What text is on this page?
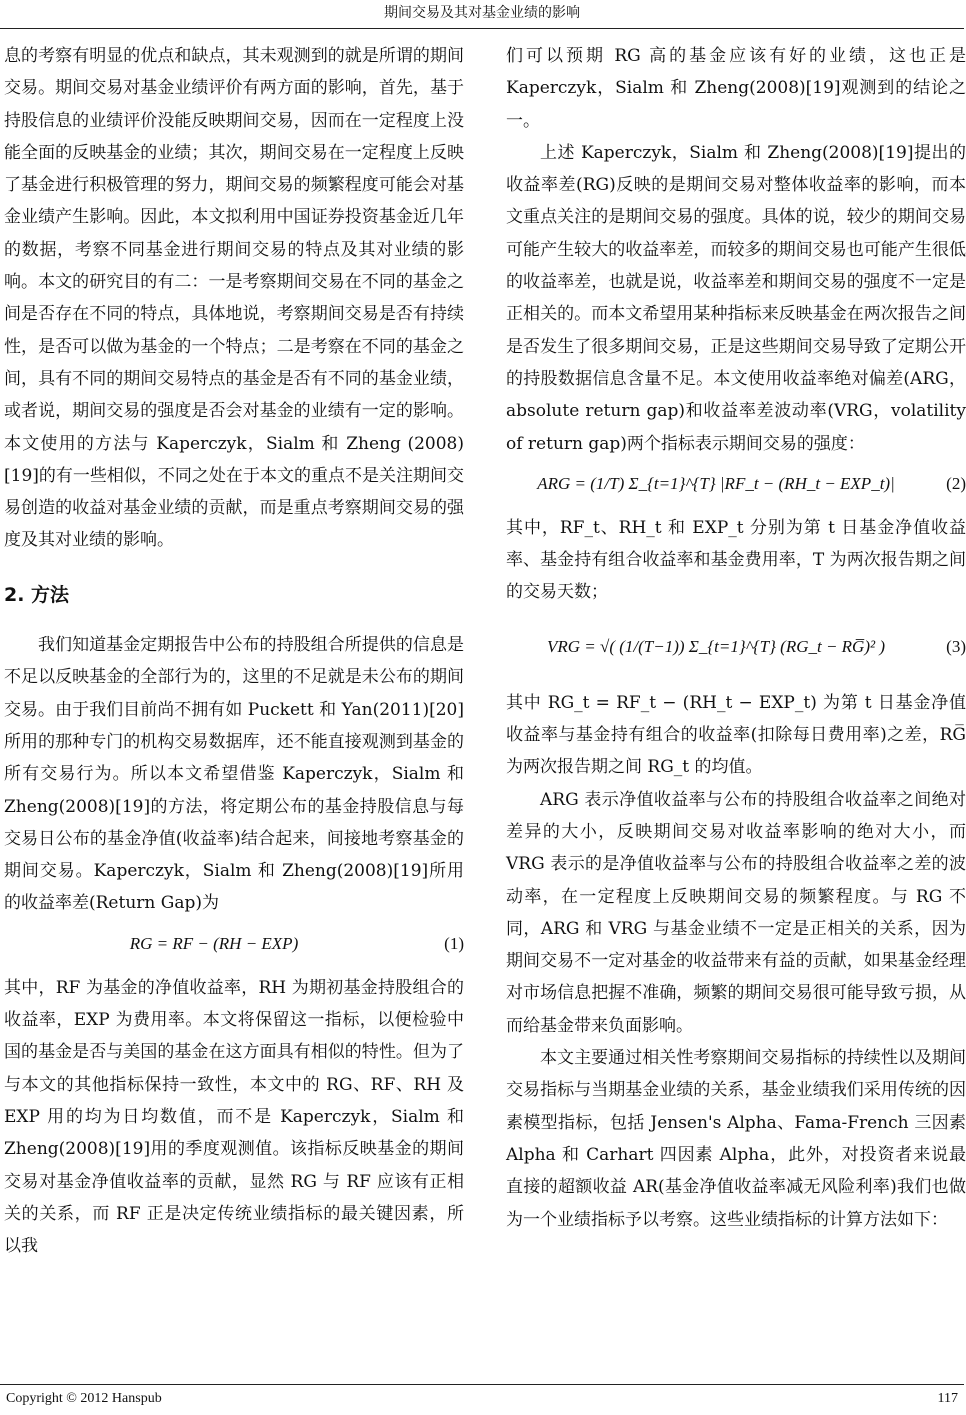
期间交易及其对基金业绩的影响

息的考察有明显的优点和缺点，其未观测到的就是所谓的期间交易。期间交易对基金业绩评价有两方面的影响，首先，基于持股信息的业绩评价没能反映期间交易，因而在一定程度上没能全面的反映基金的业绩；其次，期间交易在一定程度上反映了基金进行积极管理的努力，期间交易的频繁程度可能会对基金业绩产生影响。因此，本文拟利用中国证券投资基金近几年的数据，考察不同基金进行期间交易的特点及其对业绩的影响。本文的研究目的有二：一是考察期间交易在不同的基金之间是否存在不同的特点，具体地说，考察期间交易是否有持续性，是否可以做为基金的一个特点；二是考察在不同的基金之间，具有不同的期间交易特点的基金是否有不同的基金业绩，或者说，期间交易的强度是否会对基金的业绩有一定的影响。本文使用的方法与 Kaperczyk，Sialm 和 Zheng (2008)[19]的有一些相似，不同之处在于本文的重点不是关注期间交易创造的收益对基金业绩的贡献，而是重点考察期间交易的强度及其对业绩的影响。

2. 方法

我们知道基金定期报告中公布的持股组合所提供的信息是不足以反映基金的全部行为的，这里的不足就是未公布的期间交易。由于我们目前尚不拥有如 Puckett 和 Yan(2011)[20]所用的那种专门的机构交易数据库，还不能直接观测到基金的所有交易行为。所以本文希望借鉴 Kaperczyk，Sialm 和 Zheng(2008)[19]的方法，将定期公布的基金持股信息与每交易日公布的基金净值(收益率)结合起来，间接地考察基金的期间交易。Kaperczyk，Sialm 和 Zheng(2008)[19]所用的收益率差(Return Gap)为

RG = RF − (RH − EXP)	(1)

其中，RF 为基金的净值收益率，RH 为期初基金持股组合的收益率，EXP 为费用率。本文将保留这一指标，以便检验中国的基金是否与美国的基金在这方面具有相似的特性。但为了与本文的其他指标保持一致性，本文中的 RG、RF、RH 及 EXP 用的均为日均数值，而不是 Kaperczyk，Sialm 和 Zheng(2008)[19]用的季度观测值。该指标反映基金的期间交易对基金净值收益率的贡献，显然 RG 与 RF 应该有正相关的关系，而 RF 正是决定传统业绩指标的最关键因素，所以我

们可以预期 RG 高的基金应该有好的业绩，这也正是 Kaperczyk，Sialm 和 Zheng(2008)[19]观测到的结论之一。

上述 Kaperczyk，Sialm 和 Zheng(2008)[19]提出的收益率差(RG)反映的是期间交易对整体收益率的影响，而本文重点关注的是期间交易的强度。具体的说，较少的期间交易可能产生较大的收益率差，而较多的期间交易也可能产生很低的收益率差，也就是说，收益率差和期间交易的强度不一定是正相关的。而本文希望用某种指标来反映基金在两次报告之间是否发生了很多期间交易，正是这些期间交易导致了定期公开的持股数据信息含量不足。本文使用收益率绝对偏差(ARG，absolute return gap)和收益率差波动率(VRG，volatility of return gap)两个指标表示期间交易的强度：

ARG = (1/T) Σ_{t=1}^{T} |RF_t − (RH_t − EXP_t)|	(2)

其中，RF_t、RH_t 和 EXP_t 分别为第 t 日基金净值收益率、基金持有组合收益率和基金费用率，T 为两次报告期之间的交易天数；

VRG = √( (1/(T−1)) Σ_{t=1}^{T} (RG_t − RG̅)² )	(3)

其中 RG_t = RF_t − (RH_t − EXP_t) 为第 t 日基金净值收益率与基金持有组合的收益率(扣除每日费用率)之差，RG̅ 为两次报告期之间 RG_t 的均值。

ARG 表示净值收益率与公布的持股组合收益率之间绝对差异的大小，反映期间交易对收益率影响的绝对大小，而 VRG 表示的是净值收益率与公布的持股组合收益率之差的波动率，在一定程度上反映期间交易的频繁程度。与 RG 不同，ARG 和 VRG 与基金业绩不一定是正相关的关系，因为期间交易不一定对基金的收益带来有益的贡献，如果基金经理对市场信息把握不准确，频繁的期间交易很可能导致亏损，从而给基金带来负面影响。

本文主要通过相关性考察期间交易指标的持续性以及期间交易指标与当期基金业绩的关系，基金业绩我们采用传统的因素模型指标，包括 Jensen's Alpha、Fama-French 三因素 Alpha 和 Carhart 四因素 Alpha，此外，对投资者来说最直接的超额收益 AR(基金净值收益率减无风险利率)我们也做为一个业绩指标予以考察。这些业绩指标的计算方法如下：

Copyright © 2012 Hanspub	117
